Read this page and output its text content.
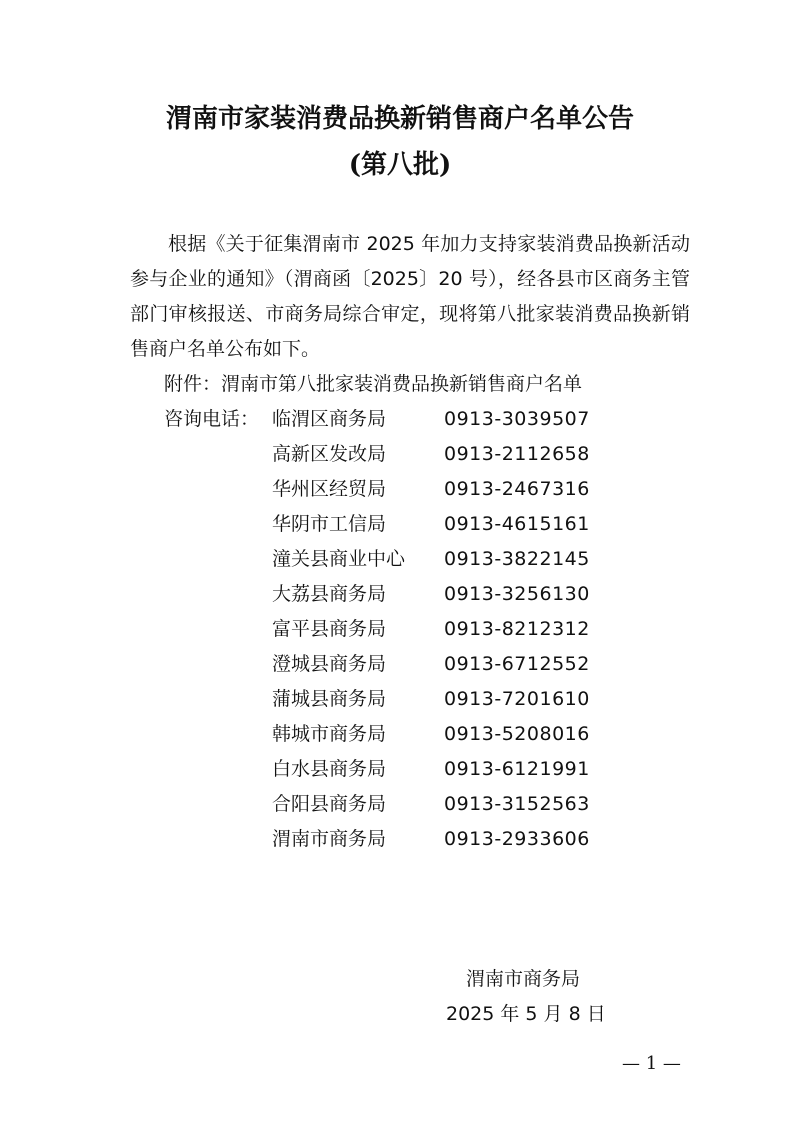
渭南市家装消费品换新销售商户名单公告
(第八批)

根据《关于征集渭南市 2025 年加力支持家装消费品换新活动参与企业的通知》（渭商函〔2025〕20 号），经各县市区商务主管部门审核报送、市商务局综合审定，现将第八批家装消费品换新销售商户名单公布如下。

附件：渭南市第八批家装消费品换新销售商户名单
咨询电话： 临渭区商务局	0913-3039507
高新区发改局	0913-2112658
华州区经贸局	0913-2467316
华阴市工信局	0913-4615161
潼关县商业中心 0913-3822145
大荔县商务局	0913-3256130
富平县商务局	0913-8212312
澄城县商务局	0913-6712552
蒲城县商务局	0913-7201610
韩城市商务局	0913-5208016
白水县商务局	0913-6121991
合阳县商务局	0913-3152563
渭南市商务局	0913-2933606
渭南市商务局
2025 年 5 月 8 日
— 1 —
